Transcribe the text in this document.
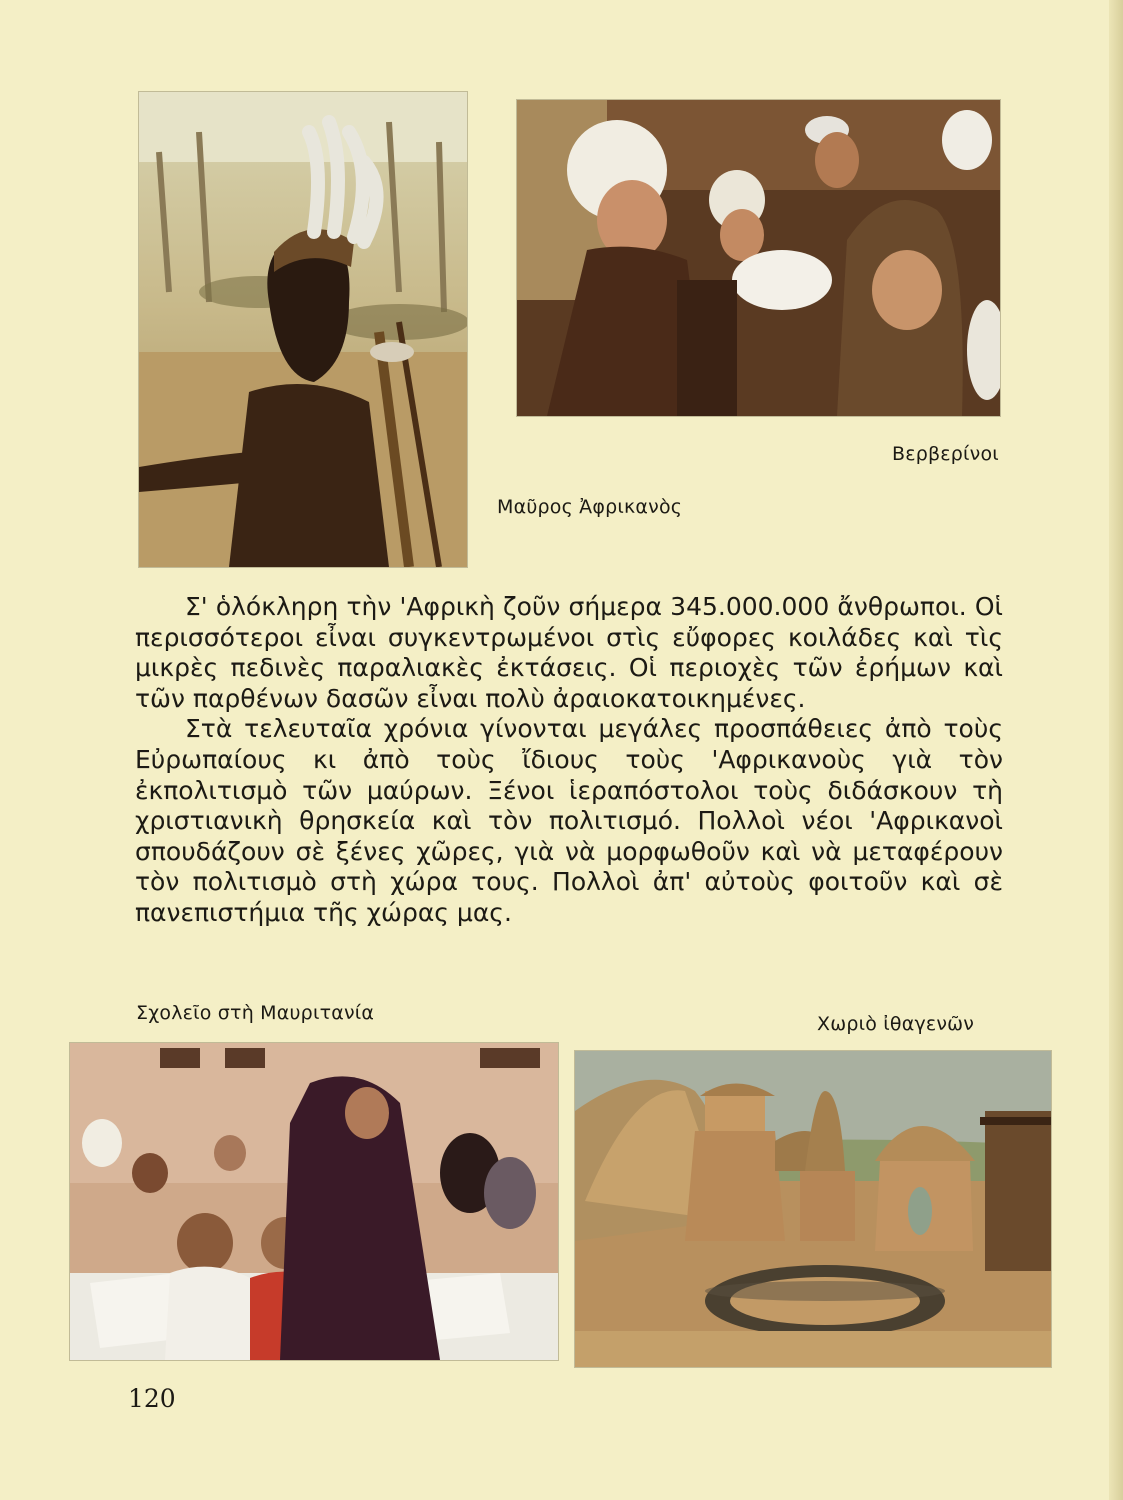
Βερβερίνοι
Μαῦρος Ἀφρικανὸς

Σ' ὁλόκληρη τὴν 'Αφρικὴ ζοῦν σήμερα 345.000.000 ἄνθρωποι. Οἱ περισσότεροι εἶναι συγκεντρωμένοι στὶς εὔφορες κοιλάδες καὶ τὶς μικρὲς πεδινὲς παραλιακὲς ἐκτάσεις. Οἱ περιοχὲς τῶν ἐρήμων καὶ τῶν παρθένων δασῶν εἶναι πολὺ ἀραιοκατοικημένες.

Στὰ τελευταῖα χρόνια γίνονται μεγάλες προσπάθειες ἀπὸ τοὺς Εὐρωπαίους κι ἀπὸ τοὺς ἴδιους τοὺς 'Αφρικανοὺς γιὰ τὸν ἐκπολιτισμὸ τῶν μαύρων. Ξένοι ἱεραπόστολοι τοὺς διδάσκουν τὴ χριστιανικὴ θρησκεία καὶ τὸν πολιτισμό. Πολλοὶ νέοι 'Αφρικανοὶ σπουδάζουν σὲ ξένες χῶρες, γιὰ νὰ μορφωθοῦν καὶ νὰ μεταφέρουν τὸν πολιτισμὸ στὴ χώρα τους. Πολλοὶ ἀπ' αὐτοὺς φοιτοῦν καὶ σὲ πανεπιστήμια τῆς χώρας μας.

Σχολεῖο στὴ Μαυριτανία	Χωριὸ ἰθαγενῶν
120
